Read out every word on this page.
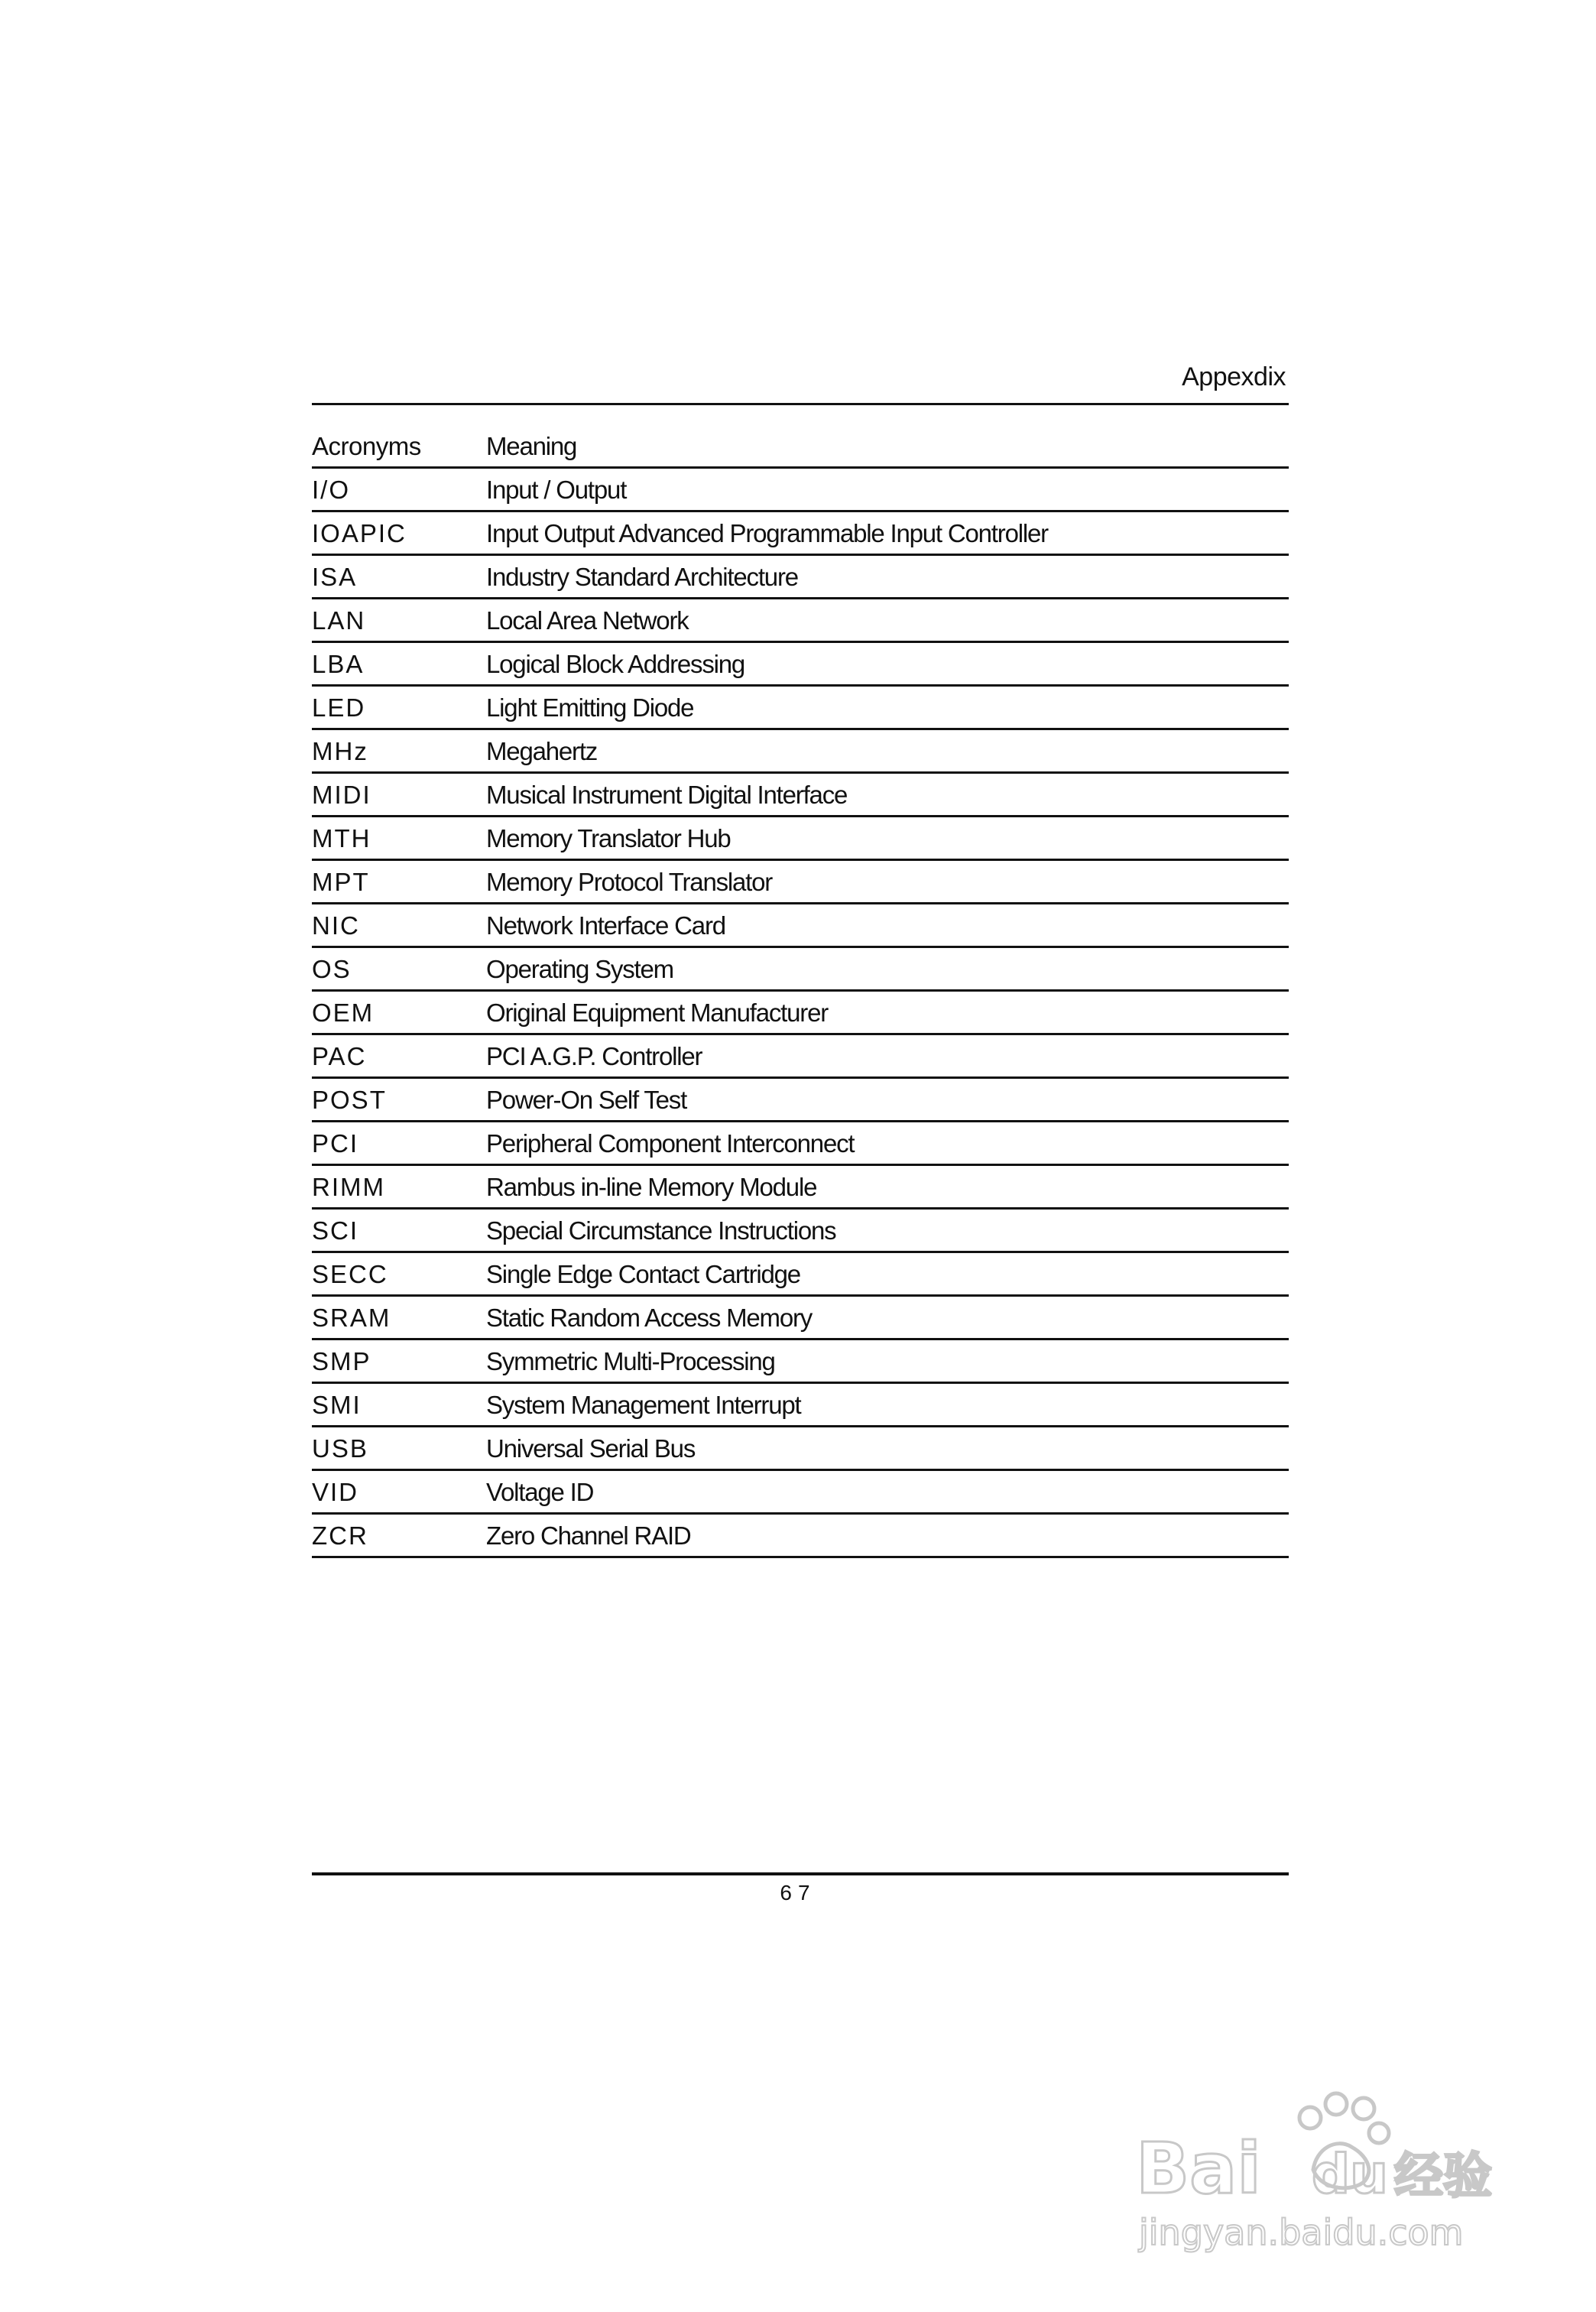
Appexdix
Acronyms	Meaning
I/O	Input / Output
IOAPIC	Input Output Advanced Programmable Input Controller
ISA	Industry Standard Architecture
LAN	Local Area Network
LBA	Logical Block Addressing
LED	Light Emitting Diode
MHz	Megahertz
MIDI	Musical Instrument Digital Interface
MTH	Memory Translator Hub
MPT	Memory Protocol Translator
NIC	Network Interface Card
OS	Operating System
OEM	Original Equipment Manufacturer
PAC	PCI A.G.P. Controller
POST	Power-On Self Test
PCI	Peripheral Component Interconnect
RIMM	Rambus in-line Memory Module
SCI	Special Circumstance Instructions
SECC	Single Edge Contact Cartridge
SRAM	Static Random Access Memory
SMP	Symmetric Multi-Processing
SMI	System Management Interrupt
USB	Universal Serial Bus
VID	Voltage ID
ZCR	Zero Channel RAID
67
Bai du 经验
jingyan.baidu.com
